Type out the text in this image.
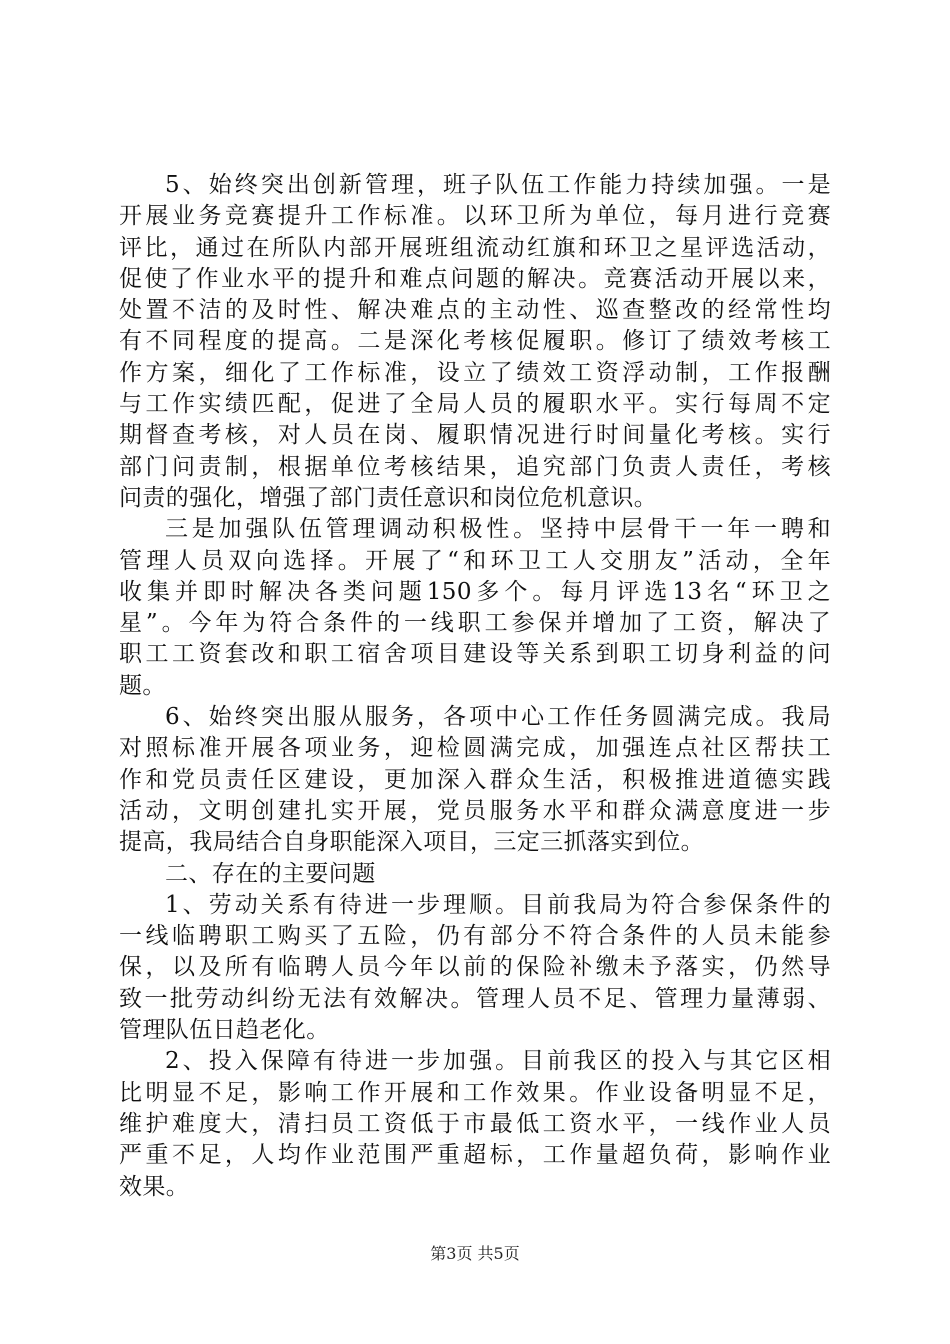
5、始终突出创新管理，班子队伍工作能力持续加强。一是
开展业务竞赛提升工作标准。以环卫所为单位，每月进行竞赛
评比，通过在所队内部开展班组流动红旗和环卫之星评选活动，
促使了作业水平的提升和难点问题的解决。竞赛活动开展以来，
处置不洁的及时性、解决难点的主动性、巡查整改的经常性均
有不同程度的提高。二是深化考核促履职。修订了绩效考核工
作方案，细化了工作标准，设立了绩效工资浮动制，工作报酬
与工作实绩匹配，促进了全局人员的履职水平。实行每周不定
期督查考核，对人员在岗、履职情况进行时间量化考核。实行
部门问责制，根据单位考核结果，追究部门负责人责任，考核
问责的强化，增强了部门责任意识和岗位危机意识。
三是加强队伍管理调动积极性。坚持中层骨干一年一聘和
管理人员双向选择。开展了“和环卫工人交朋友”活动，全年
收集并即时解决各类问题150多个。每月评选13名“环卫之
星”。今年为符合条件的一线职工参保并增加了工资，解决了
职工工资套改和职工宿舍项目建设等关系到职工切身利益的问
题。
6、始终突出服从服务，各项中心工作任务圆满完成。我局
对照标准开展各项业务，迎检圆满完成，加强连点社区帮扶工
作和党员责任区建设，更加深入群众生活，积极推进道德实践
活动，文明创建扎实开展，党员服务水平和群众满意度进一步
提高，我局结合自身职能深入项目，三定三抓落实到位。
二、存在的主要问题
1、劳动关系有待进一步理顺。目前我局为符合参保条件的
一线临聘职工购买了五险，仍有部分不符合条件的人员未能参
保，以及所有临聘人员今年以前的保险补缴未予落实，仍然导
致一批劳动纠纷无法有效解决。管理人员不足、管理力量薄弱、
管理队伍日趋老化。
2、投入保障有待进一步加强。目前我区的投入与其它区相
比明显不足，影响工作开展和工作效果。作业设备明显不足，
维护难度大，清扫员工资低于市最低工资水平，一线作业人员
严重不足，人均作业范围严重超标，工作量超负荷，影响作业
效果。
第3页 共5页
